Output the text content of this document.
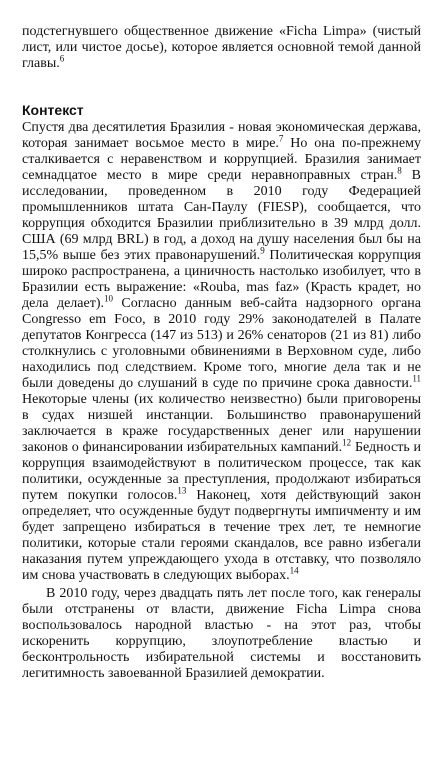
подстегнувшего общественное движение «Ficha Limpa» (чистый лист, или чистое досье), которое является основной темой данной главы.$^6$

Контекст

Спустя два десятилетия Бразилия - новая экономическая держава, которая занимает восьмое место в мире.$^7$ Но она по-прежнему сталкивается с неравенством и коррупцией. Бразилия занимает семнадцатое место в мире среди неравноправных стран.$^8$ В исследовании, проведенном в 2010 году Федерацией промышленников штата Сан-Паулу (FIESP), сообщается, что коррупция обходится Бразилии приблизительно в 39 млрд долл. США (69 млрд BRL) в год, а доход на душу населения был бы на 15,5% выше без этих правонарушений.$^9$ Политическая коррупция широко распространена, а циничность настолько изобилует, что в Бразилии есть выражение: «Rouba, mas faz» (Красть крадет, но дела делает).$^{10}$ Согласно данным веб-сайта надзорного органа Congresso em Foco, в 2010 году 29% законодателей в Палате депутатов Конгресса (147 из 513) и 26% сенаторов (21 из 81) либо столкнулись с уголовными обвинениями в Верховном суде, либо находились под следствием. Кроме того, многие дела так и не были доведены до слушаний в суде по причине срока давности.$^{11}$ Некоторые члены (их количество неизвестно) были приговорены в судах низшей инстанции. Большинство правонарушений заключается в краже государственных денег или нарушении законов о финансировании избирательных кампаний.$^{12}$ Бедность и коррупция взаимодействуют в политическом процессе, так как политики, осужденные за преступления, продолжают избираться путем покупки голосов.$^{13}$ Наконец, хотя действующий закон определяет, что осужденные будут подвергнуты импичменту и им будет запрещено избираться в течение трех лет, те немногие политики, которые стали героями скандалов, все равно избегали наказания путем упреждающего ухода в отставку, что позволяло им снова участвовать в следующих выборах.$^{14}$

В 2010 году, через двадцать пять лет после того, как генералы были отстранены от власти, движение Ficha Limpa снова воспользовалось народной властью - на этот раз, чтобы искоренить коррупцию, злоупотребление властью и бесконтрольность избирательной системы и восстановить легитимность завоеванной Бразилией демократии.
